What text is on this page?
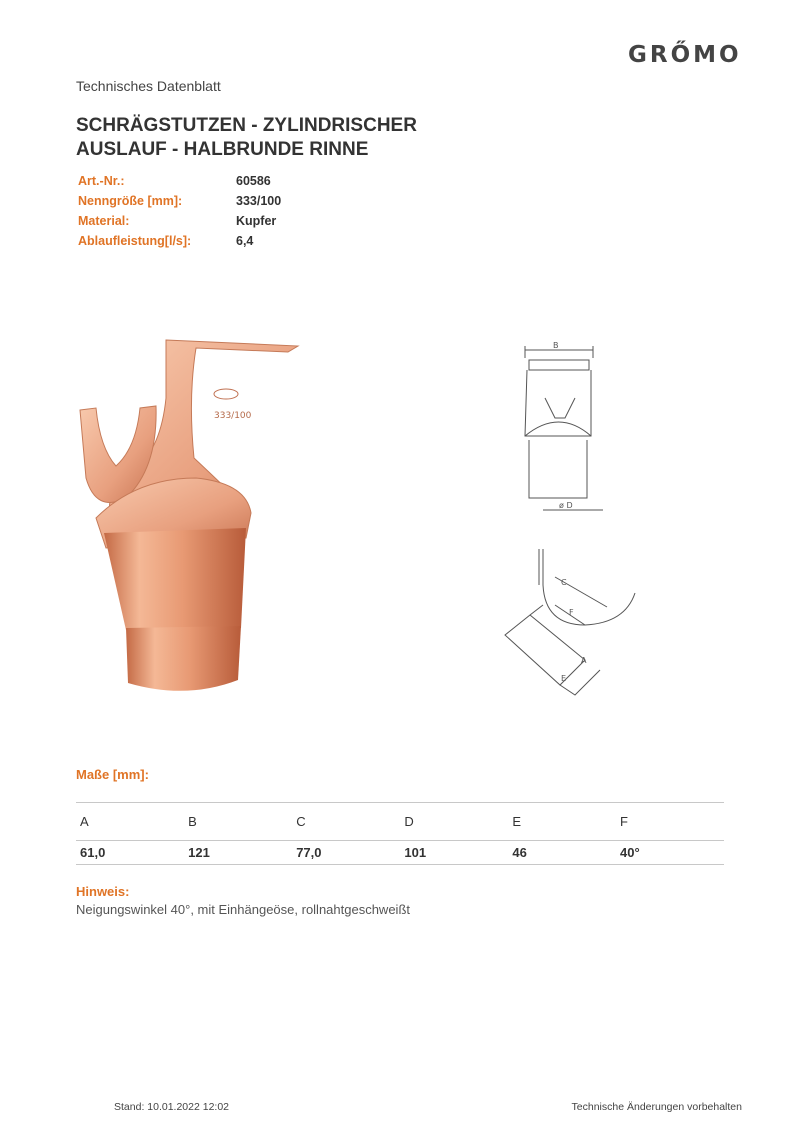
GRŐMO
Technisches Datenblatt
SCHRÄGSTUTZEN - ZYLINDRISCHER
AUSLAUF - HALBRUNDE RINNE
Art.-Nr.:	60586
Nenngröße [mm]:	333/100
Material:	Kupfer
Ablaufleistung[l/s]:	6,4
333/100
B
ø D
C
F
A
E
Maße [mm]:
A	B	C	D	E	F
61,0	121	77,0	101	46	40°
Hinweis:
Neigungswinkel 40°, mit Einhängeöse, rollnahtgeschweißt
Stand: 10.01.2022 12:02	Technische Änderungen vorbehalten
